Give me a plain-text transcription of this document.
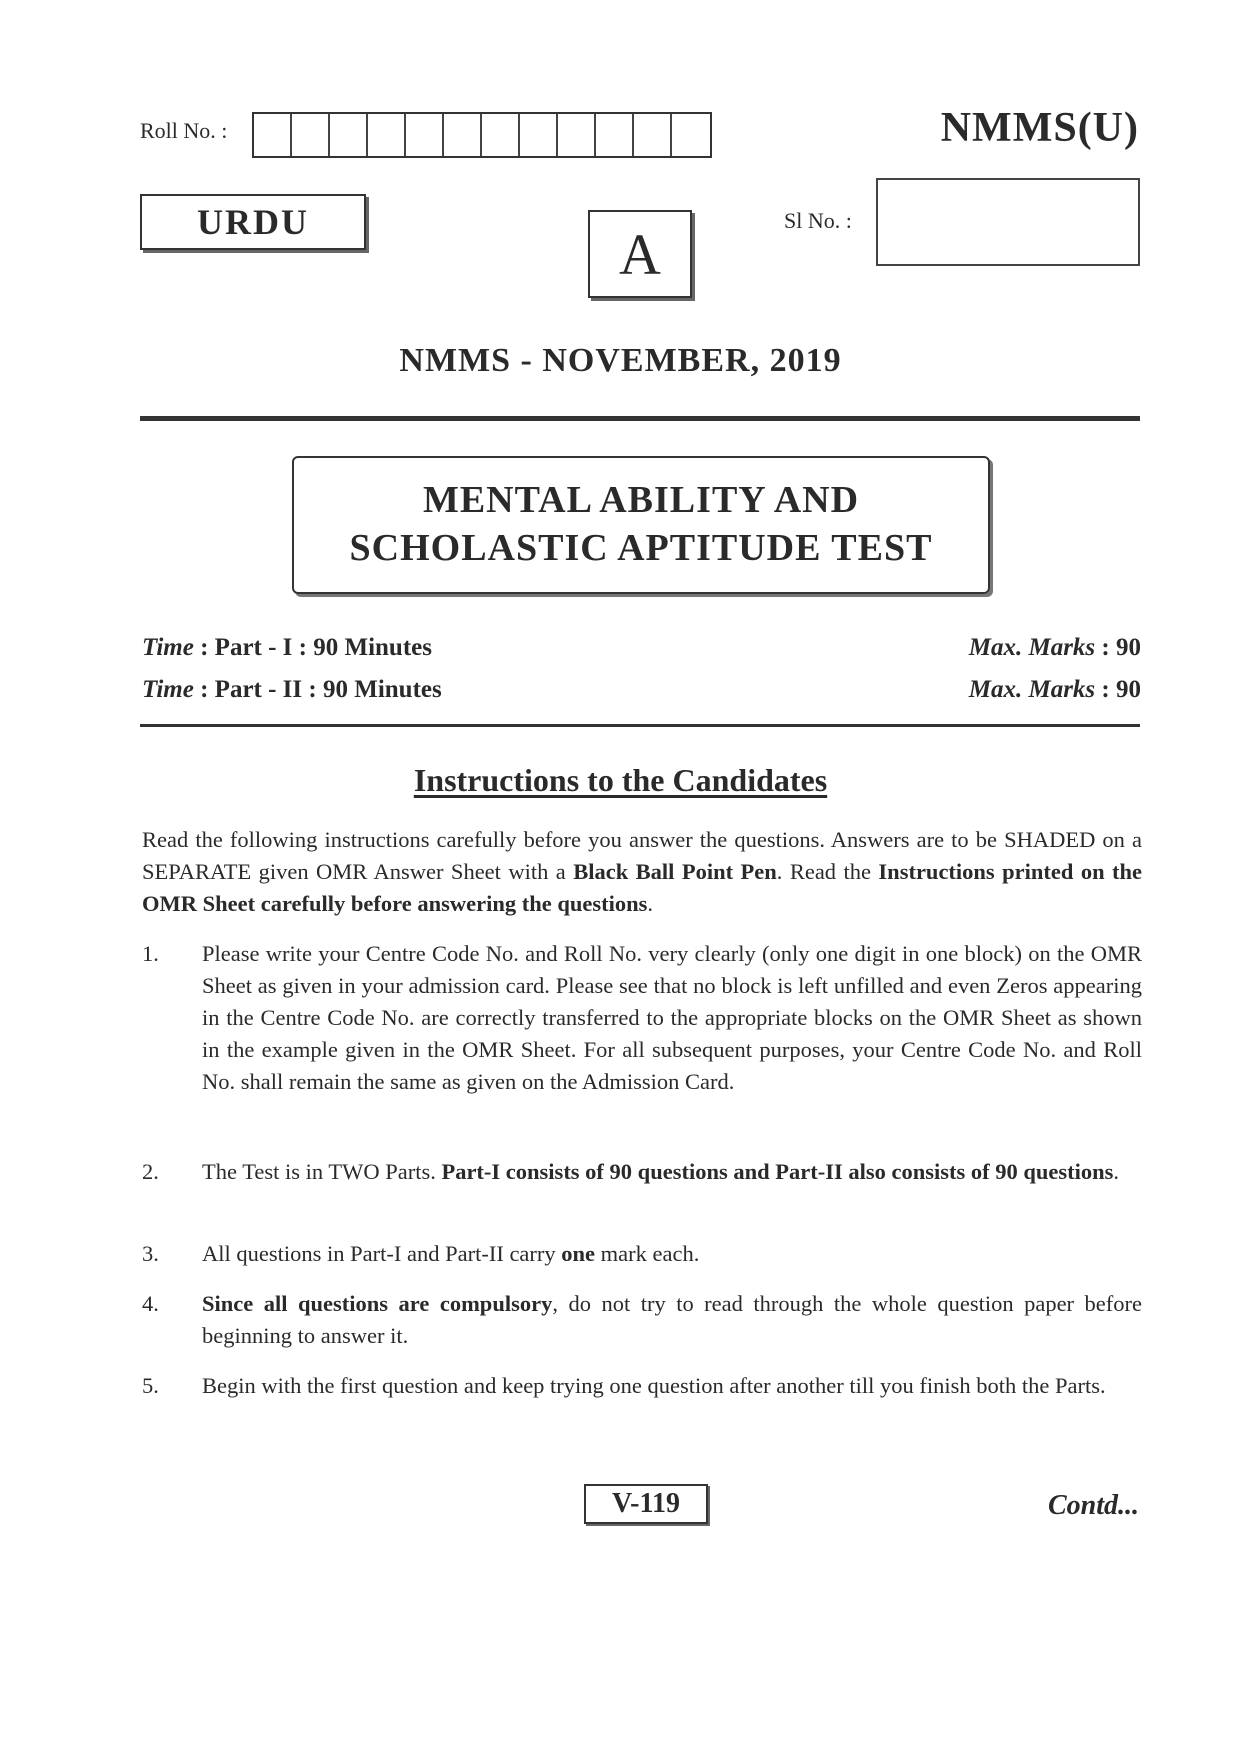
Roll No. :	NMMS(U)
URDU	A
Sl No. :
NMMS - NOVEMBER, 2019
MENTAL ABILITY AND
SCHOLASTIC APTITUDE TEST
Time : Part - I : 90 Minutes	Max. Marks : 90
Time : Part - II : 90 Minutes	Max. Marks : 90
Instructions to the Candidates
Read the following instructions carefully before you answer the questions. Answers are to be SHADED on a SEPARATE given OMR Answer Sheet with a Black Ball Point Pen. Read the Instructions printed on the OMR Sheet carefully before answering the questions.
1.	Please write your Centre Code No. and Roll No. very clearly (only one digit in one block) on the OMR Sheet as given in your admission card. Please see that no block is left unfilled and even Zeros appearing in the Centre Code No. are correctly transferred to the appropriate blocks on the OMR Sheet as shown in the example given in the OMR Sheet. For all subsequent purposes, your Centre Code No. and Roll No. shall remain the same as given on the Admission Card.
2.	The Test is in TWO Parts. Part-I consists of 90 questions and Part-II also consists of 90 questions.
3.	All questions in Part-I and Part-II carry one mark each.
4.	Since all questions are compulsory, do not try to read through the whole question paper before beginning to answer it.
5.	Begin with the first question and keep trying one question after another till you finish both the Parts.
V-119	Contd...
